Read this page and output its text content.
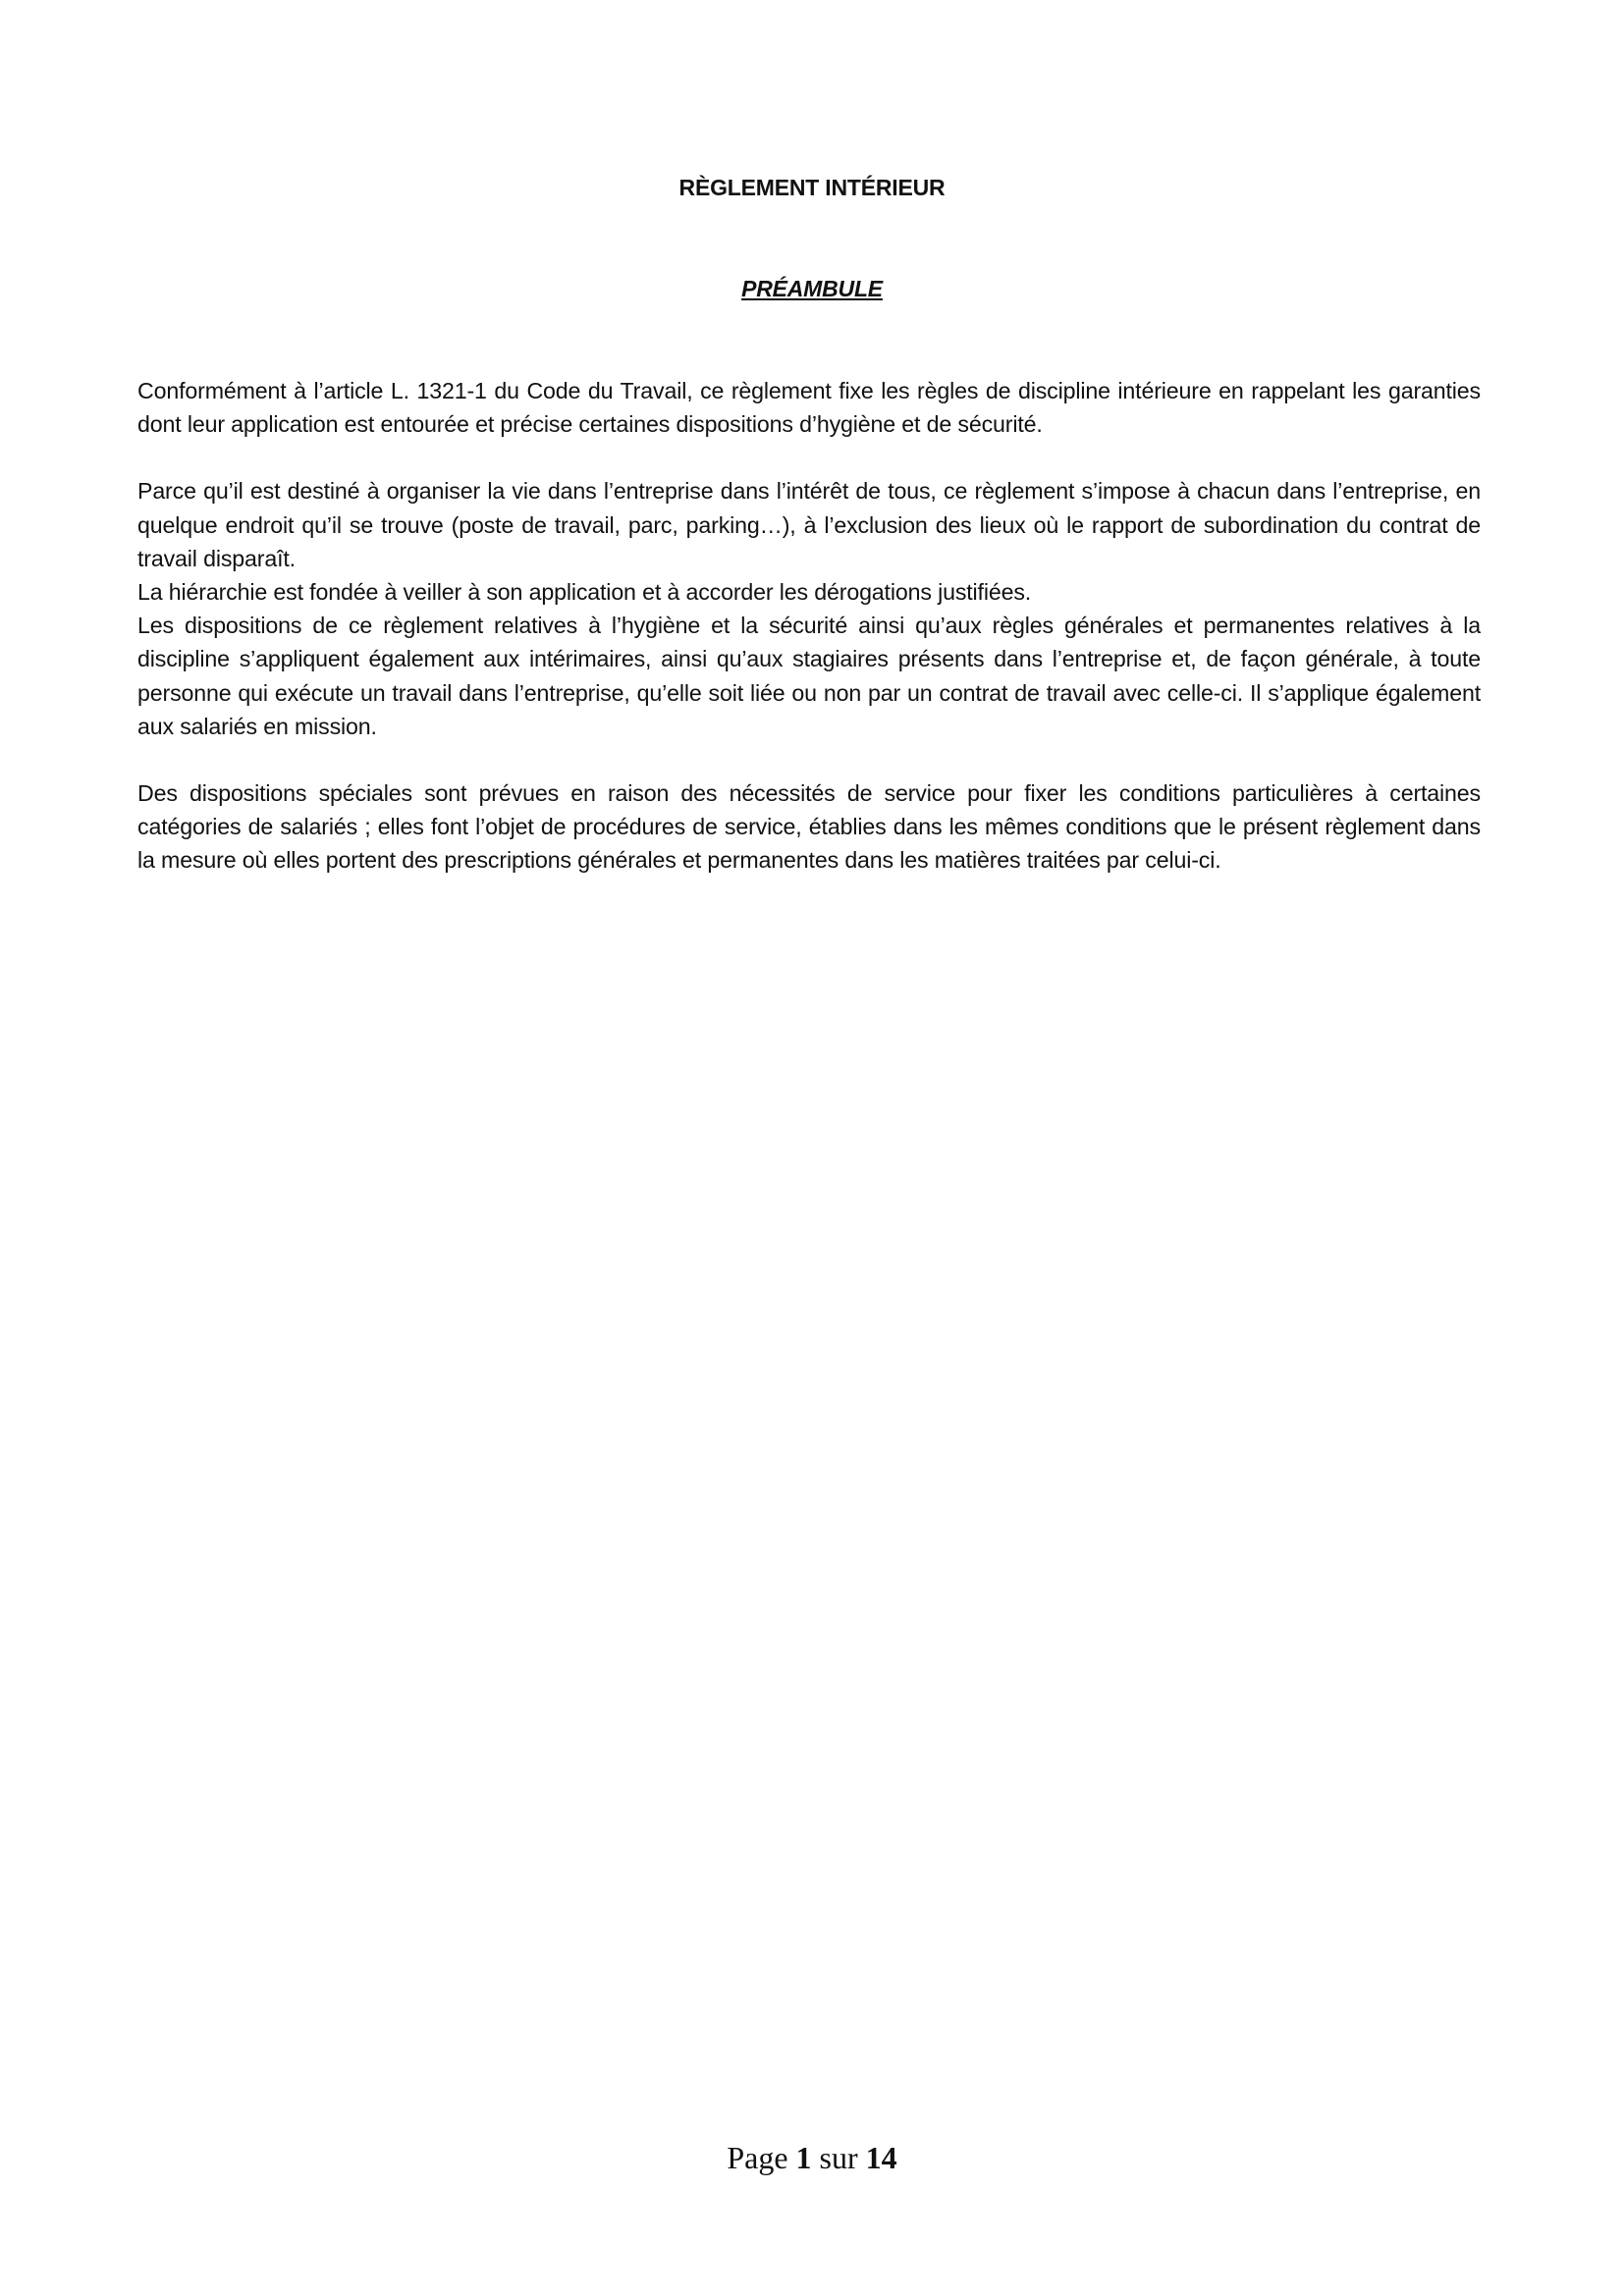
RÈGLEMENT INTÉRIEUR
PRÉAMBULE

Conformément à l’article L. 1321-1 du Code du Travail, ce règlement fixe les règles de discipline intérieure en rappelant les garanties dont leur application est entourée et précise certaines dispositions d’hygiène et de sécurité.

Parce qu’il est destiné à organiser la vie dans l’entreprise dans l’intérêt de tous, ce règlement s’impose à chacun dans l’entreprise, en quelque endroit qu’il se trouve (poste de travail, parc, parking…), à l’exclusion des lieux où le rapport de subordination du contrat de travail disparaît.

La hiérarchie est fondée à veiller à son application et à accorder les dérogations justifiées.

Les dispositions de ce règlement relatives à l’hygiène et la sécurité ainsi qu’aux règles générales et permanentes relatives à la discipline s’appliquent également aux intérimaires, ainsi qu’aux stagiaires présents dans l’entreprise et, de façon générale, à toute personne qui exécute un travail dans l’entreprise, qu’elle soit liée ou non par un contrat de travail avec celle-ci. Il s’applique également aux salariés en mission.

Des dispositions spéciales sont prévues en raison des nécessités de service pour fixer les conditions particulières à certaines catégories de salariés ; elles font l’objet de procédures de service, établies dans les mêmes conditions que le présent règlement dans la mesure où elles portent des prescriptions générales et permanentes dans les matières traitées par celui-ci.

Page 1 sur 14
